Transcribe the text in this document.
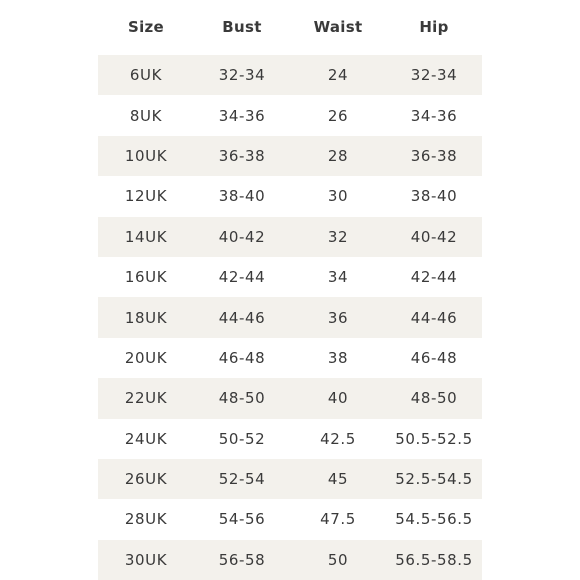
Size	Bust	Waist	Hip
6UK	32-34	24	32-34
8UK	34-36	26	34-36
10UK	36-38	28	36-38
12UK	38-40	30	38-40
14UK	40-42	32	40-42
16UK	42-44	34	42-44
18UK	44-46	36	44-46
20UK	46-48	38	46-48
22UK	48-50	40	48-50
24UK	50-52	42.5	50.5-52.5
26UK	52-54	45	52.5-54.5
28UK	54-56	47.5	54.5-56.5
30UK	56-58	50	56.5-58.5
